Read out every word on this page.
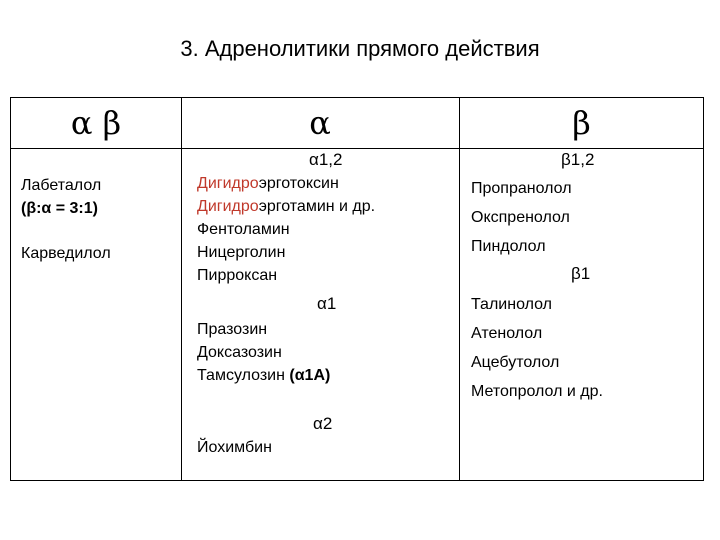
3. Адренолитики прямого действия
α β	α	β
Лабеталол
(β:α = 3:1)
Карведилол
α1,2
Дигидроэрготоксин
Дигидроэрготамин и др.
Фентоламин
Ницерголин
Пирроксан
α1
Празозин
Доксазозин
Тамсулозин (α1А)
α2
Йохимбин
β1,2
Пропранолол
Окспренолол
Пиндолол
β1
Талинолол
Атенолол
Ацебутолол
Метопролол и др.
